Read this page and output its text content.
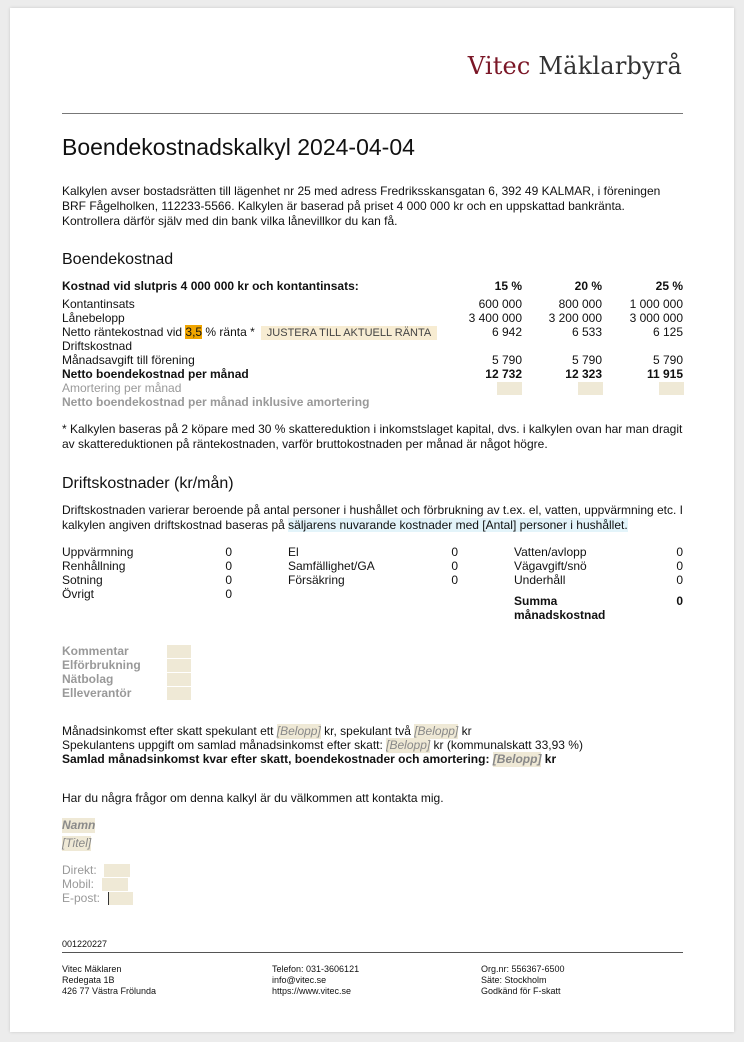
Vitec Mäklarbyrå
Boendekostnadskalkyl 2024-04-04
Kalkylen avser bostadsrätten till lägenhet nr 25 med adress Fredriksskansgatan 6, 392 49 KALMAR, i föreningen BRF Fågelholken, 112233-5566. Kalkylen är baserad på priset 4 000 000 kr och en uppskattad bankränta. Kontrollera därför själv med din bank vilka lånevillkor du kan få.
Boendekostnad
Kostnad vid slutpris 4 000 000 kr och kontantinsats:	15 %	20 %	25 %
Kontantinsats	600 000	800 000	1 000 000
Lånebelopp	3 400 000	3 200 000	3 000 000
Netto räntekostnad vid 3,5 % ränta * JUSTERA TILL AKTUELL RÄNTA	6 942	6 533	6 125
Driftskostnad
Månadsavgift till förening	5 790	5 790	5 790
Netto boendekostnad per månad	12 732	12 323	11 915
Amortering per månad
Netto boendekostnad per månad inklusive amortering
* Kalkylen baseras på 2 köpare med 30 % skattereduktion i inkomstslaget kapital, dvs. i kalkylen ovan har man dragit av skattereduktionen på räntekostnaden, varför bruttokostnaden per månad är något högre.
Driftskostnader (kr/mån)
Driftskostnaden varierar beroende på antal personer i hushållet och förbrukning av t.ex. el, vatten, uppvärmning etc. I kalkylen angiven driftskostnad baseras på säljarens nuvarande kostnader med [Antal] personer i hushållet.
Uppvärmning	0
Renhållning	0
Sotning	0
Övrigt	0
El	0
Samfällighet/GA	0
Försäkring	0
Vatten/avlopp	0
Vägavgift/snö	0
Underhåll	0
Summa
månadskostnad
0
Kommentar
Elförbrukning
Nätbolag
Elleverantör
Månadsinkomst efter skatt spekulant ett [Belopp] kr, spekulant två [Belopp] kr
Spekulantens uppgift om samlad månadsinkomst efter skatt: [Belopp] kr (kommunalskatt 33,93 %)
Samlad månadsinkomst kvar efter skatt, boendekostnader och amortering: [Belopp] kr
Har du några frågor om denna kalkyl är du välkommen att kontakta mig.
Namn
[Titel]
Direkt:
Mobil:
E-post:
001220227
Vitec Mäklaren
Redegata 1B
426 77 Västra Frölunda
Telefon: 031-3606121
info@vitec.se
https://www.vitec.se
Org.nr: 556367-6500
Säte: Stockholm
Godkänd för F-skatt
